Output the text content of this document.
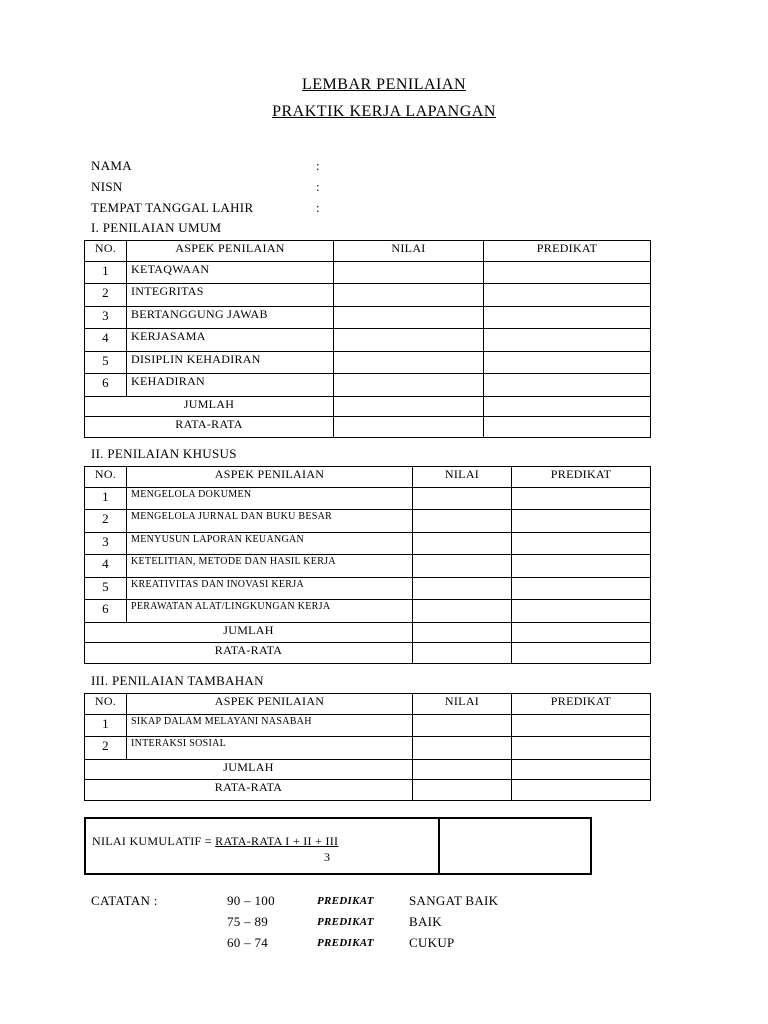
LEMBAR PENILAIAN
PRAKTIK KERJA LAPANGAN
NAMA	:
NISN	:
TEMPAT TANGGAL LAHIR	:
I. PENILAIAN UMUM
NO.	ASPEK PENILAIAN	NILAI	PREDIKAT
1	KETAQWAAN		
2	INTEGRITAS		
3	BERTANGGUNG JAWAB		
4	KERJASAMA		
5	DISIPLIN KEHADIRAN		
6	KEHADIRAN		
JUMLAH			
RATA-RATA			
II. PENILAIAN KHUSUS
NO.	ASPEK PENILAIAN	NILAI	PREDIKAT
1	MENGELOLA DOKUMEN		
2	MENGELOLA JURNAL DAN BUKU BESAR		
3	MENYUSUN LAPORAN KEUANGAN		
4	KETELITIAN, METODE DAN HASIL KERJA		
5	KREATIVITAS DAN INOVASI KERJA		
6	PERAWATAN ALAT/LINGKUNGAN KERJA		
JUMLAH			
RATA-RATA			
III. PENILAIAN TAMBAHAN
NO.	ASPEK PENILAIAN	NILAI	PREDIKAT
1	SIKAP DALAM MELAYANI NASABAH		
2	INTERAKSI SOSIAL		
JUMLAH			
RATA-RATA			
NILAI KUMULATIF = RATA-RATA I + II + III
3
CATATAN :	90 – 100	PREDIKAT	SANGAT BAIK
75 – 89	PREDIKAT	BAIK
60 – 74	PREDIKAT	CUKUP
